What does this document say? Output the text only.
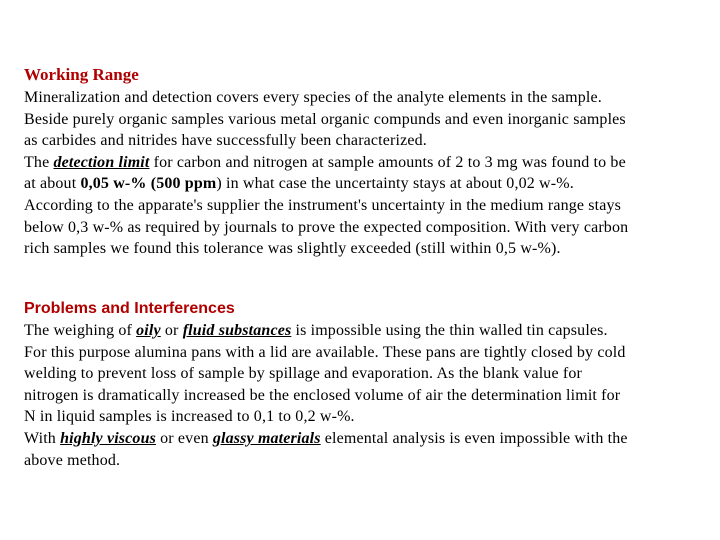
Working Range
Mineralization and detection covers every species of the analyte elements in the sample.
Beside purely organic samples various metal organic compunds and even inorganic samples
as carbides and nitrides have successfully been characterized.
The detection limit for carbon and nitrogen at sample amounts of 2 to 3 mg was found to be
at about 0,05 w-% (500 ppm) in what case the uncertainty stays at about 0,02 w-%.
According to the apparate's supplier the instrument's uncertainty in the medium range stays
below 0,3 w-% as required by journals to prove the expected composition. With very carbon
rich samples we found this tolerance was slightly exceeded (still within 0,5 w-%).
Problems and Interferences
The weighing of oily or fluid substances is impossible using the thin walled tin capsules.
For this purpose alumina pans with a lid are available. These pans are tightly closed by cold
welding to prevent loss of sample by spillage and evaporation. As the blank value for
nitrogen is dramatically increased be the enclosed volume of air the determination limit for
N in liquid samples is increased to 0,1 to 0,2 w-%.
With highly viscous or even glassy materials elemental analysis is even impossible with the
above method.
